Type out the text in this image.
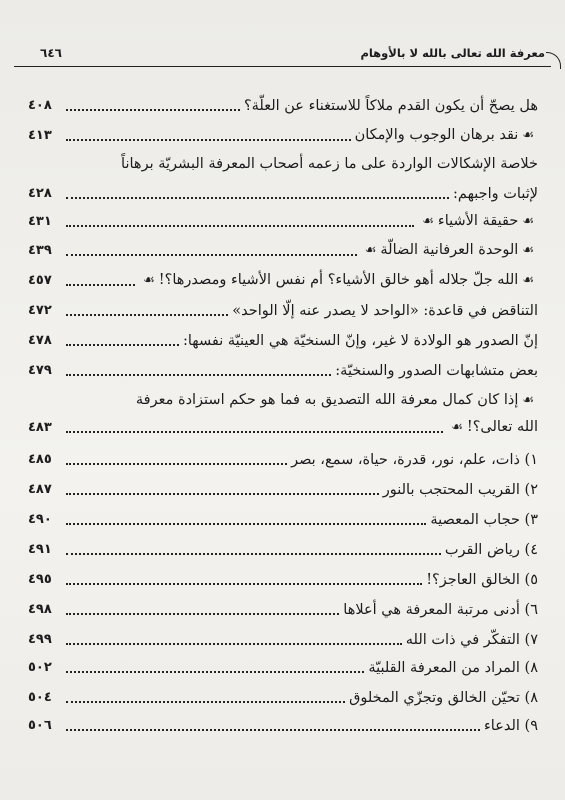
٦٤٦	معرفة الله تعالى بالله لا بالأوهام
هل يصحّ أن يكون القدم ملاكاً للاستغناء عن العلّة؟
٤٠٨
☙نقد برهان الوجوب والإمكان
٤١٣
خلاصة الإشكالات الواردة على ما زعمه أصحاب المعرفة البشريّة برهاناً
لإثبات واجبهم:
٤٢٨
☙حقيقة الأشياء☙
٤٣١
☙الوحدة العرفانية الضالّة☙
٤٣٩
☙الله جلّ جلاله أهو خالق الأشياء؟ أم نفس الأشياء ومصدرها؟!☙
٤٥٧
التناقض في قاعدة: «الواحد لا يصدر عنه إلّا الواحد»
٤٧٢
إنّ الصدور هو الولادة لا غير، وإنّ السنخيّة هي العينيّة نفسها:
٤٧٨
بعض متشابهات الصدور والسنخيّة:
٤٧٩
☙إذا كان كمال معرفة الله التصديق به فما هو حكم استزادة معرفة
الله تعالى؟!☙
٤٨٣
١) ذات، علم، نور، قدرة، حياة، سمع، بصر
٤٨٥
٢) القريب المحتجب بالنور
٤٨٧
٣) حجاب المعصية
٤٩٠
٤) رياض القرب
٤٩١
٥) الخالق العاجز؟!
٤٩٥
٦) أدنى مرتبة المعرفة هي أعلاها
٤٩٨
٧) التفكّر في ذات الله
٤٩٩
٨) المراد من المعرفة القلبيّة
٥٠٢
٨) تحيّن الخالق وتجزّي المخلوق
٥٠٤
٩) الدعاء
٥٠٦
